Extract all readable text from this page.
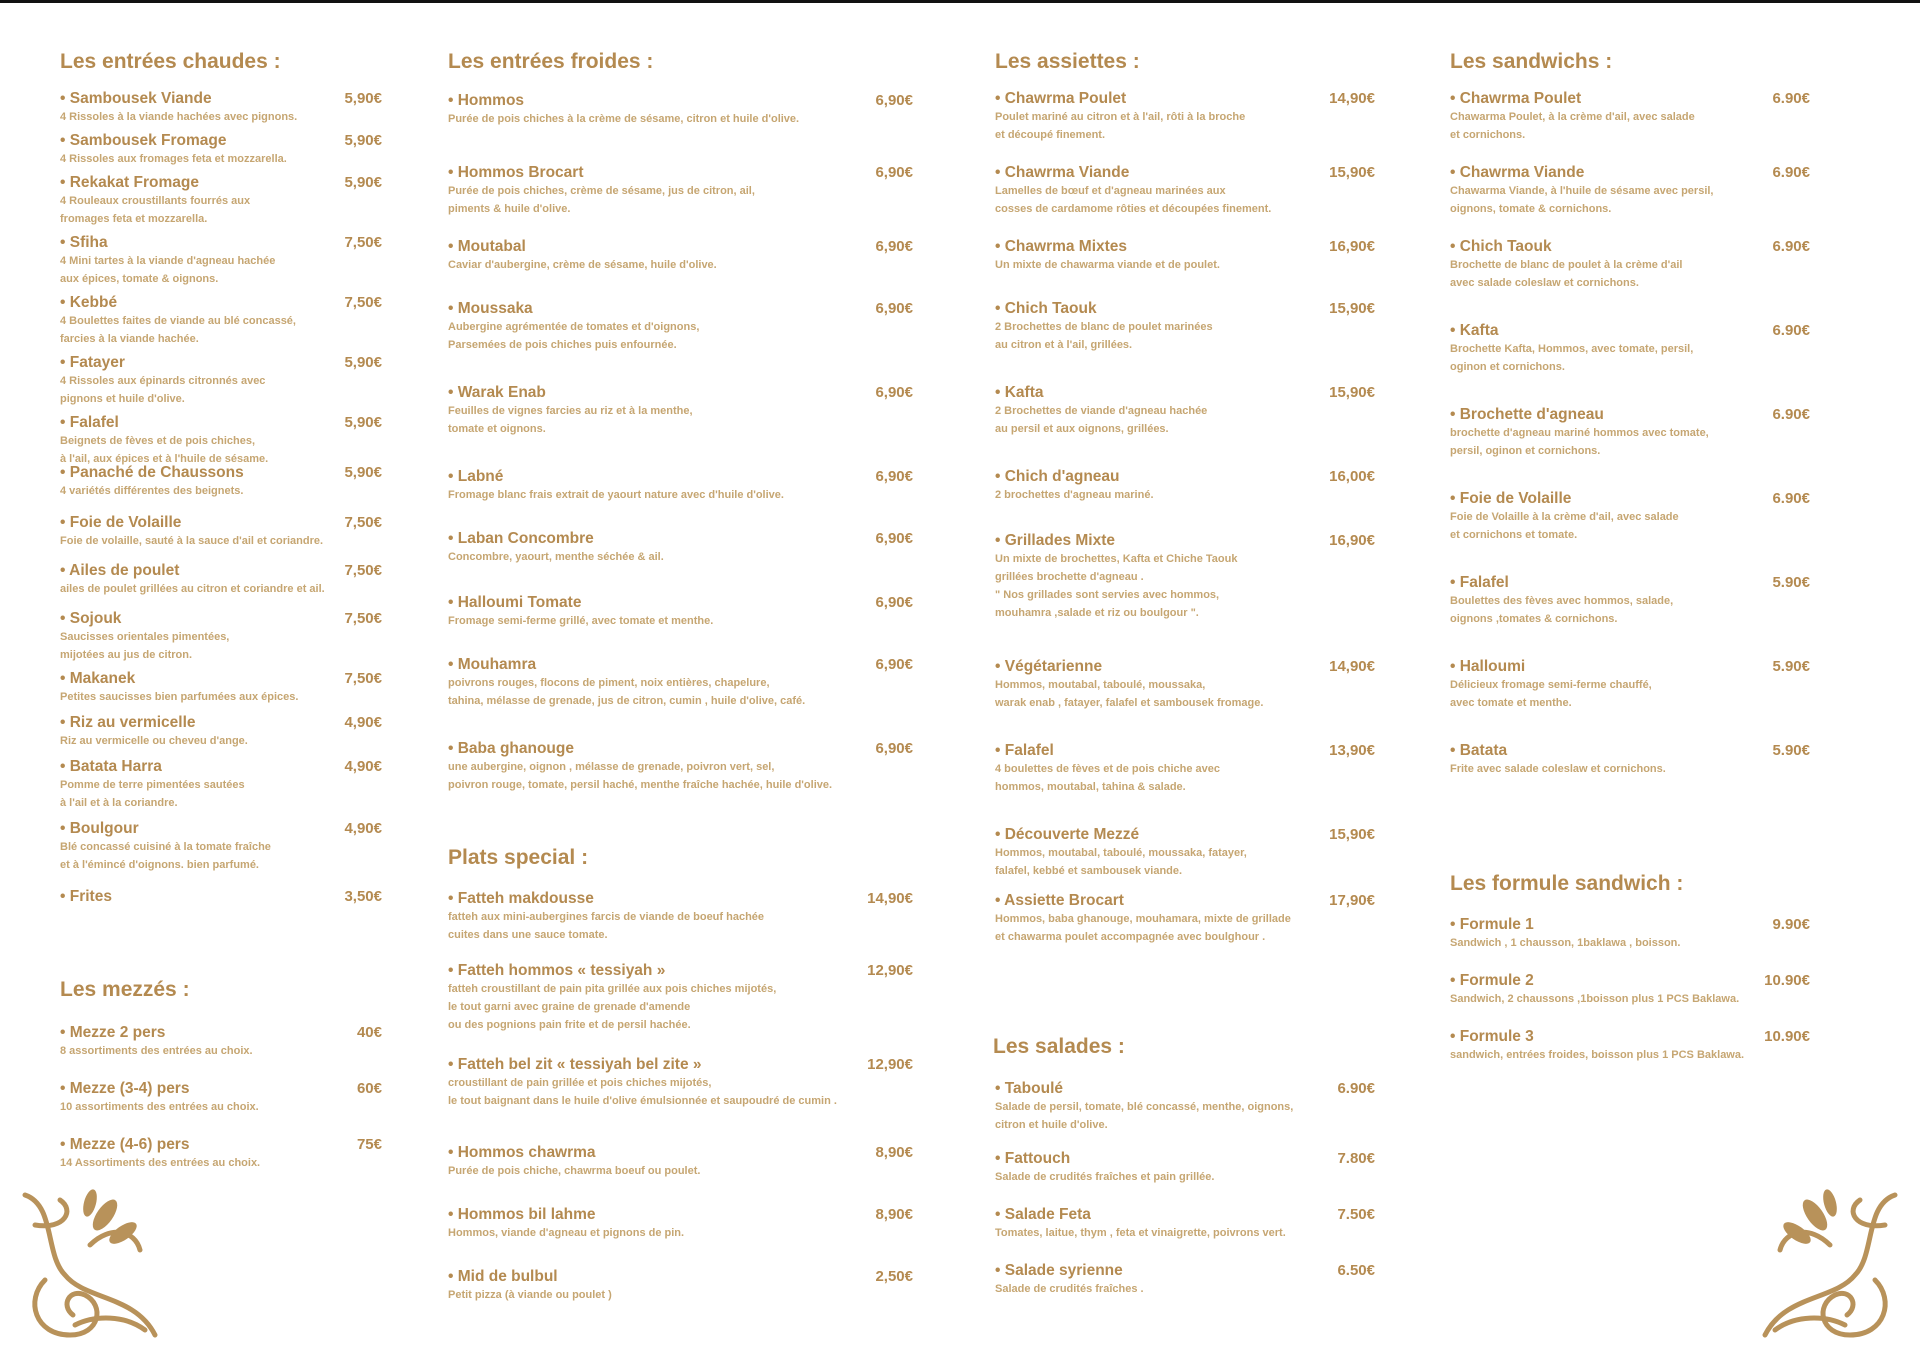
Les entrées chaudes :
• Sambousek Viande	5,90€
4 Rissoles à la viande hachées avec pignons.
• Sambousek Fromage	5,90€
4 Rissoles aux fromages feta et mozzarella.
• Rekakat Fromage	5,90€
4 Rouleaux croustillants fourrés aux
fromages feta et mozzarella.
• Sfiha	7,50€
4 Mini tartes à la viande d'agneau hachée
aux épices, tomate & oignons.
• Kebbé	7,50€
4 Boulettes faites de viande au blé concassé,
farcies à la viande hachée.
• Fatayer	5,90€
4 Rissoles aux épinards citronnés avec
pignons et huile d'olive.
• Falafel	5,90€
Beignets de fèves et de pois chiches,
à l'ail, aux épices et à l'huile de sésame.
• Panaché de Chaussons	5,90€
4 variétés différentes des beignets.
• Foie de Volaille	7,50€
Foie de volaille, sauté à la sauce d'ail et coriandre.
• Ailes de poulet	7,50€
ailes de poulet grillées au citron et coriandre et ail.
• Sojouk	7,50€
Saucisses orientales pimentées,
mijotées au jus de citron.
• Makanek	7,50€
Petites saucisses bien parfumées aux épices.
• Riz au vermicelle	4,90€
Riz au vermicelle ou cheveu d'ange.
• Batata Harra	4,90€
Pomme de terre pimentées sautées
à l'ail et à la coriandre.
• Boulgour	4,90€
Blé concassé cuisiné à la tomate fraîche
et à l'émincé d'oignons. bien parfumé.
• Frites	3,50€
Les mezzés :
• Mezze 2 pers	40€
8 assortiments des entrées au choix.
• Mezze (3-4) pers	60€
10 assortiments des entrées au choix.
• Mezze (4-6) pers	75€
14 Assortiments des entrées au choix.
Les entrées froides :
• Hommos	6,90€
Purée de pois chiches à la crème de sésame, citron et huile d'olive.
• Hommos Brocart	6,90€
Purée de pois chiches, crème de sésame, jus de citron, ail,
piments & huile d'olive.
• Moutabal	6,90€
Caviar d'aubergine, crème de sésame, huile d'olive.
• Moussaka	6,90€
Aubergine agrémentée de tomates et d'oignons,
Parsemées de pois chiches puis enfournée.
• Warak Enab	6,90€
Feuilles de vignes farcies au riz et à la menthe,
tomate et oignons.
• Labné	6,90€
Fromage blanc frais extrait de yaourt nature avec d'huile d'olive.
• Laban Concombre	6,90€
Concombre, yaourt, menthe séchée & ail.
• Halloumi Tomate	6,90€
Fromage semi-ferme grillé, avec tomate et menthe.
• Mouhamra	6,90€
poivrons rouges, flocons de piment, noix entières, chapelure,
tahina, mélasse de grenade, jus de citron, cumin , huile d'olive, café.
• Baba ghanouge	6,90€
une aubergine, oignon , mélasse de grenade, poivron vert, sel,
poivron rouge, tomate, persil haché, menthe fraîche hachée, huile d'olive.
Plats special :
• Fatteh makdousse	14,90€
fatteh aux mini-aubergines farcis de viande de boeuf hachée
cuites dans une sauce tomate.
• Fatteh hommos « tessiyah »	12,90€
fatteh croustillant de pain pita grillée aux pois chiches mijotés,
le tout garni avec graine de grenade d'amende
ou des pognions pain frite et de persil hachée.
• Fatteh bel zit « tessiyah bel zite »	12,90€
croustillant de pain grillée et pois chiches mijotés,
le tout baignant dans le huile d'olive émulsionnée et saupoudré de cumin .
• Hommos chawrma	8,90€
Purée de pois chiche, chawrma boeuf ou poulet.
• Hommos bil lahme	8,90€
Hommos, viande d'agneau et pignons de pin.
• Mid de bulbul	2,50€
Petit pizza (à viande ou poulet )
Les assiettes :
• Chawrma Poulet	14,90€
Poulet mariné au citron et à l'ail, rôti à la broche
et découpé finement.
• Chawrma Viande	15,90€
Lamelles de bœuf et d'agneau marinées aux
cosses de cardamome rôties et découpées finement.
• Chawrma Mixtes	16,90€
Un mixte de chawarma viande et de poulet.
• Chich Taouk	15,90€
2 Brochettes de blanc de poulet marinées
au citron et à l'ail, grillées.
• Kafta	15,90€
2 Brochettes de viande d'agneau hachée
au persil et aux oignons, grillées.
• Chich d'agneau	16,00€
2 brochettes d'agneau mariné.
• Grillades Mixte	16,90€
Un mixte de brochettes, Kafta et Chiche Taouk
grillées brochette d'agneau .
" Nos grillades sont servies avec hommos,
mouhamra ,salade et riz ou boulgour ".
• Végétarienne	14,90€
Hommos, moutabal, taboulé, moussaka,
warak enab , fatayer, falafel et sambousek fromage.
• Falafel	13,90€
4 boulettes de fèves et de pois chiche avec
hommos, moutabal, tahina & salade.
• Découverte Mezzé	15,90€
Hommos, moutabal, taboulé, moussaka, fatayer,
falafel, kebbé et sambousek viande.
• Assiette Brocart	17,90€
Hommos, baba ghanouge, mouhamara, mixte de grillade
et chawarma poulet accompagnée avec boulghour .
Les salades :
• Taboulé	6.90€
Salade de persil, tomate, blé concassé, menthe, oignons,
citron et huile d'olive.
• Fattouch	7.80€
Salade de crudités fraîches et pain grillée.
• Salade Feta	7.50€
Tomates, laitue, thym , feta et vinaigrette, poivrons vert.
• Salade syrienne	6.50€
Salade de crudités fraîches .
Les sandwichs :
• Chawrma Poulet	6.90€
Chawarma Poulet, à la crème d'ail, avec salade
et cornichons.
• Chawrma Viande	6.90€
Chawarma Viande, à l'huile de sésame avec persil,
oignons, tomate & cornichons.
• Chich Taouk	6.90€
Brochette de blanc de poulet à la crème d'ail
avec salade coleslaw et cornichons.
• Kafta	6.90€
Brochette Kafta, Hommos, avec tomate, persil,
oginon et cornichons.
• Brochette d'agneau	6.90€
brochette d'agneau mariné hommos avec tomate,
persil, oginon et cornichons.
• Foie de Volaille	6.90€
Foie de Volaille à la crème d'ail, avec salade
et cornichons et tomate.
• Falafel	5.90€
Boulettes des fèves avec hommos, salade,
oignons ,tomates & cornichons.
• Halloumi	5.90€
Délicieux fromage semi-ferme chauffé,
avec tomate et menthe.
• Batata	5.90€
Frite avec salade coleslaw et cornichons.
Les formule sandwich :
• Formule 1	9.90€
Sandwich , 1 chausson, 1baklawa , boisson.
• Formule 2	10.90€
Sandwich, 2 chaussons ,1boisson plus 1 PCS Baklawa.
• Formule 3	10.90€
sandwich, entrées froides, boisson plus 1 PCS Baklawa.
